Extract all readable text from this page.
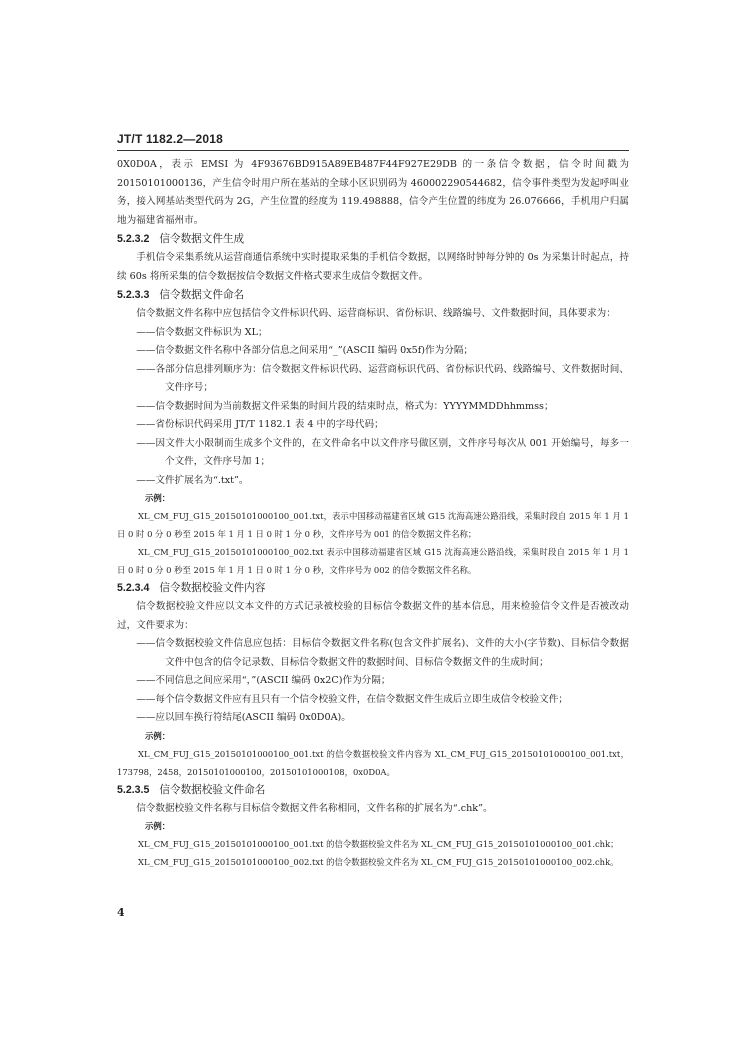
JT/T 1182.2—2018

0X0D0A，表示 EMSI 为 4F93676BD915A89EB487F44F927E29DB 的一条信令数据，信令时间戳为 20150101000136，产生信令时用户所在基站的全球小区识别码为 460002290544682，信令事件类型为发起呼叫业务，接入网基站类型代码为 2G，产生位置的经度为 119.498888，信令产生位置的纬度为 26.076666，手机用户归属地为福建省福州市。

5.2.3.2 信令数据文件生成

手机信令采集系统从运营商通信系统中实时提取采集的手机信令数据，以网络时钟每分钟的 0s 为采集计时起点，持续 60s 将所采集的信令数据按信令数据文件格式要求生成信令数据文件。

5.2.3.3 信令数据文件命名

信令数据文件名称中应包括信令文件标识代码、运营商标识、省份标识、线路编号、文件数据时间，具体要求为：

——信令数据文件标识为 XL；

——信令数据文件名称中各部分信息之间采用“_”(ASCII 编码 0x5f)作为分隔；

——各部分信息排列顺序为：信令数据文件标识代码、运营商标识代码、省份标识代码、线路编号、文件数据时间、文件序号；

——信令数据时间为当前数据文件采集的时间片段的结束时点，格式为：YYYYMMDDhhmmss；

——省份标识代码采用 JT/T 1182.1 表 4 中的字母代码；

——因文件大小限制而生成多个文件的，在文件命名中以文件序号做区别，文件序号每次从 001 开始编号，每多一个文件，文件序号加 1；

——文件扩展名为“.txt”。

示例：

XL_CM_FUJ_G15_20150101000100_001.txt，表示中国移动福建省区域 G15 沈海高速公路沿线，采集时段自 2015 年 1 月 1 日 0 时 0 分 0 秒至 2015 年 1 月 1 日 0 时 1 分 0 秒，文件序号为 001 的信令数据文件名称；

XL_CM_FUJ_G15_20150101000100_002.txt 表示中国移动福建省区域 G15 沈海高速公路沿线，采集时段自 2015 年 1 月 1 日 0 时 0 分 0 秒至 2015 年 1 月 1 日 0 时 1 分 0 秒，文件序号为 002 的信令数据文件名称。

5.2.3.4 信令数据校验文件内容

信令数据校验文件应以文本文件的方式记录被校验的目标信令数据文件的基本信息，用来检验信令文件是否被改动过，文件要求为：

——信令数据校验文件信息应包括：目标信令数据文件名称(包含文件扩展名)、文件的大小(字节数)、目标信令数据文件中包含的信令记录数、目标信令数据文件的数据时间、目标信令数据文件的生成时间；

——不同信息之间应采用“，”(ASCII 编码 0x2C)作为分隔；

——每个信令数据文件应有且只有一个信令校验文件，在信令数据文件生成后立即生成信令校验文件；

——应以回车换行符结尾(ASCII 编码 0x0D0A)。

示例：

XL_CM_FUJ_G15_20150101000100_001.txt 的信令数据校验文件内容为 XL_CM_FUJ_G15_20150101000100_001.txt，173798，2458，20150101000100，20150101000108，0x0D0A。

5.2.3.5 信令数据校验文件命名

信令数据校验文件名称与目标信令数据文件名称相同，文件名称的扩展名为“.chk”。

示例：

XL_CM_FUJ_G15_20150101000100_001.txt 的信令数据校验文件名为 XL_CM_FUJ_G15_20150101000100_001.chk；

XL_CM_FUJ_G15_20150101000100_002.txt 的信令数据校验文件名为 XL_CM_FUJ_G15_20150101000100_002.chk。

4
